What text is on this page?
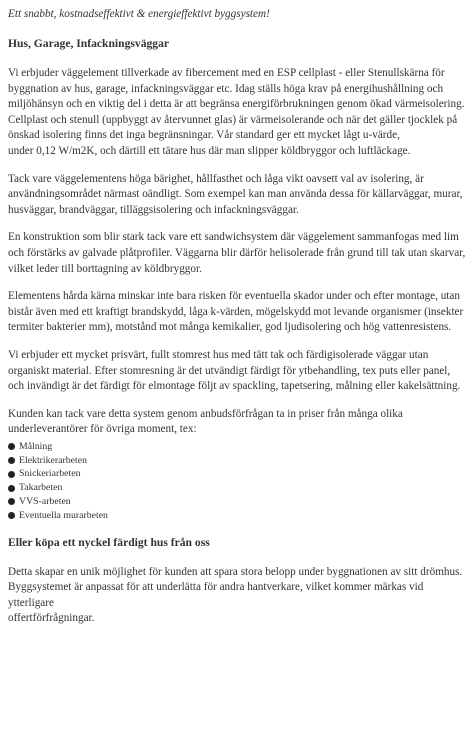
Ett snabbt, kostnadseffektivt & energieffektivt byggsystem!
Hus, Garage, Infackningsväggar

Vi erbjuder väggelement tillverkade av fibercement med en ESP cellplast - eller Stenullskärna för byggnation av hus, garage, infackningsväggar etc. Idag ställs höga krav på energihushållning och miljöhänsyn och en viktig del i detta är att begränsa energiförbrukningen genom ökad värmeisolering. Cellplast och stenull (uppbyggt av återvunnet glas) är värmeisolerande och när det gäller tjocklek på önskad isolering finns det inga begränsningar. Vår standard ger ett mycket lågt u-värde,
under 0,12 W/m2K, och därtill ett tätare hus där man slipper köldbryggor och luftläckage.

Tack vare väggelementens höga bärighet, hållfasthet och låga vikt oavsett val av isolering, är användningsområdet närmast oändligt. Som exempel kan man använda dessa för källarväggar, murar, husväggar, brandväggar, tilläggsisolering och infackningsväggar.

En konstruktion som blir stark tack vare ett sandwichsystem där väggelement sammanfogas med lim och förstärks av galvade plåtprofiler. Väggarna blir därför helisolerade från grund till tak utan skarvar, vilket leder till borttagning av köldbryggor.

Elementens hårda kärna minskar inte bara risken för eventuella skador under och efter montage, utan bistår även med ett kraftigt brandskydd, låga k-värden, mögelskydd mot levande organismer (insekter termiter bakterier mm), motstånd mot många kemikalier, god ljudisolering och hög vattenresistens.

Vi erbjuder ett mycket prisvärt, fullt stomrest hus med tätt tak och färdigisolerade väggar utan organiskt material. Efter stomresning är det utvändigt färdigt för ytbehandling, tex puts eller panel, och invändigt är det färdigt för elmontage följt av spackling, tapetsering, målning eller kakelsättning.

Kunden kan tack vare detta system genom anbudsförfrågan ta in priser från många olika underleverantörer för övriga moment, tex:

Målning
Elektrikerarbeten
Snickeriarbeten
Takarbeten
VVS-arbeten
Eventuella murarbeten
Eller köpa ett nyckel färdigt hus från oss

Detta skapar en unik möjlighet för kunden att spara stora belopp under byggnationen av sitt drömhus.
Byggsystemet är anpassat för att underlätta för andra hantverkare, vilket kommer märkas vid ytterligare
offertförfrågningar.
